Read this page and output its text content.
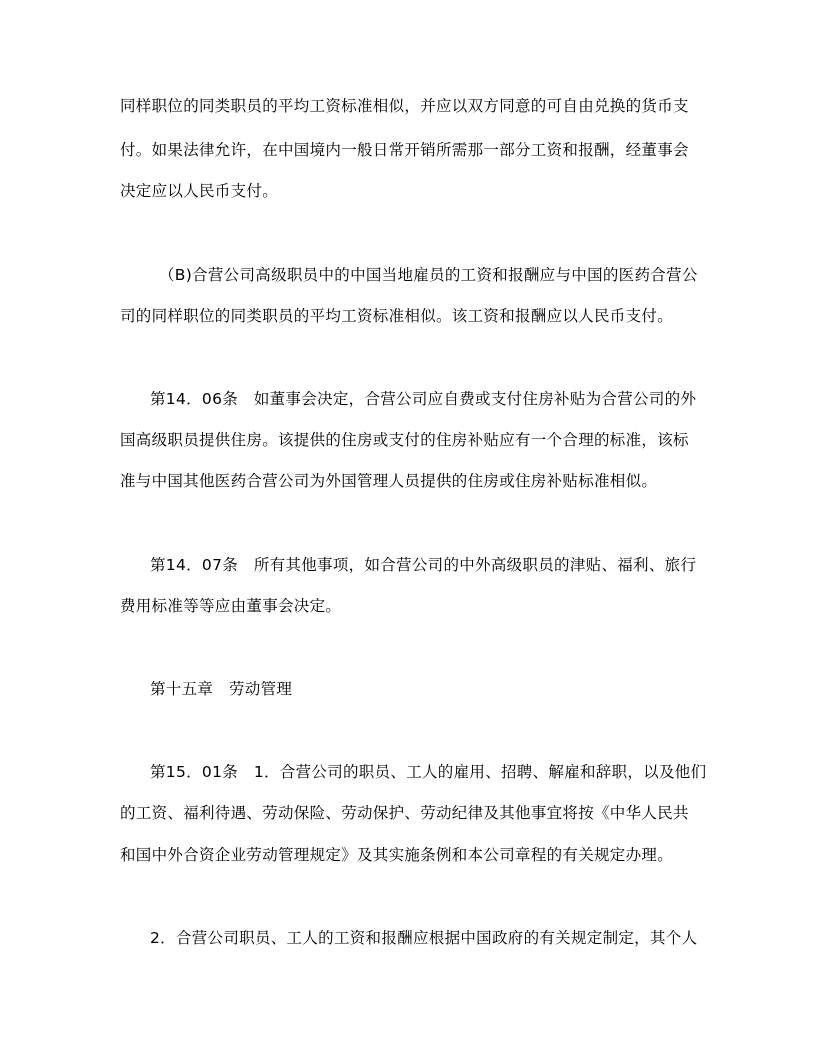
同样职位的同类职员的平均工资标准相似，并应以双方同意的可自由兑换的货币支
付。如果法律允许，在中国境内一般日常开销所需那一部分工资和报酬，经董事会
决定应以人民币支付。
（B)合营公司高级职员中的中国当地雇员的工资和报酬应与中国的医药合营公
司的同样职位的同类职员的平均工资标准相似。该工资和报酬应以人民币支付。
第14．06条　如董事会决定，合营公司应自费或支付住房补贴为合营公司的外
国高级职员提供住房。该提供的住房或支付的住房补贴应有一个合理的标准，该标
准与中国其他医药合营公司为外国管理人员提供的住房或住房补贴标准相似。
第14．07条　所有其他事项，如合营公司的中外高级职员的津贴、福利、旅行
费用标准等等应由董事会决定。
第十五章　劳动管理
第15．01条　1．合营公司的职员、工人的雇用、招聘、解雇和辞职，以及他们
的工资、福利待遇、劳动保险、劳动保护、劳动纪律及其他事宜将按《中华人民共
和国中外合资企业劳动管理规定》及其实施条例和本公司章程的有关规定办理。
2．合营公司职员、工人的工资和报酬应根据中国政府的有关规定制定，其个人
